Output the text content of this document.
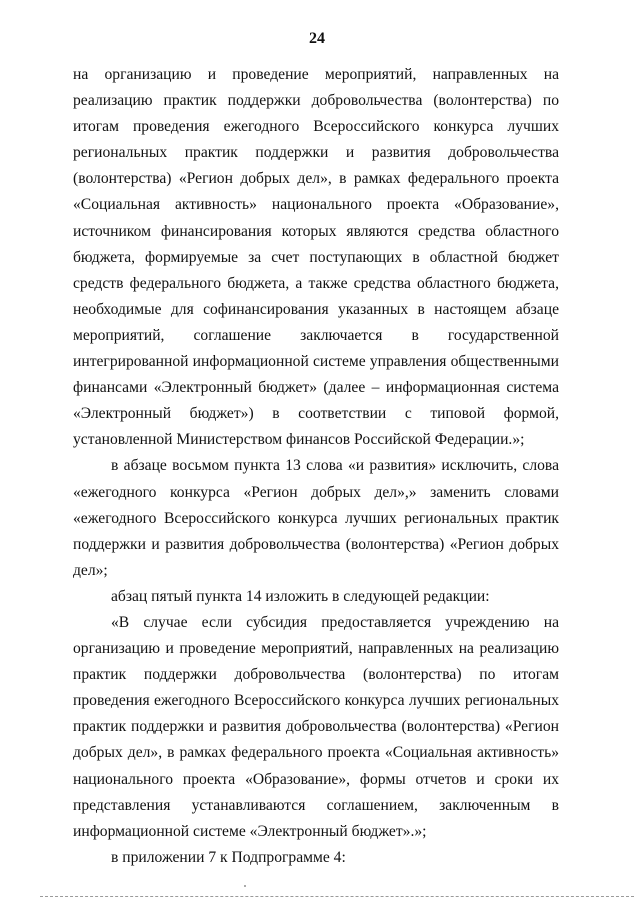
24

на организацию и проведение мероприятий, направленных на реализацию практик поддержки добровольчества (волонтерства) по итогам проведения ежегодного Всероссийского конкурса лучших региональных практик поддержки и развития добровольчества (волонтерства) «Регион добрых дел», в рамках федерального проекта «Социальная активность» национального проекта «Образование», источником финансирования которых являются средства областного бюджета, формируемые за счет поступающих в областной бюджет средств федерального бюджета, а также средства областного бюджета, необходимые для софинансирования указанных в настоящем абзаце мероприятий, соглашение заключается в государственной интегрированной информационной системе управления общественными финансами «Электронный бюджет» (далее – информационная система «Электронный бюджет») в соответствии с типовой формой, установленной Министерством финансов Российской Федерации.»;

в абзаце восьмом пункта 13 слова «и развития» исключить, слова «ежегодного конкурса «Регион добрых дел»,» заменить словами «ежегодного Всероссийского конкурса лучших региональных практик поддержки и развития добровольчества (волонтерства) «Регион добрых дел»;

абзац пятый пункта 14 изложить в следующей редакции:

«В случае если субсидия предоставляется учреждению на организацию и проведение мероприятий, направленных на реализацию практик поддержки добровольчества (волонтерства) по итогам проведения ежегодного Всероссийского конкурса лучших региональных практик поддержки и развития добровольчества (волонтерства) «Регион добрых дел», в рамках федерального проекта «Социальная активность» национального проекта «Образование», формы отчетов и сроки их представления устанавливаются соглашением, заключенным в информационной системе «Электронный бюджет».»;

в приложении 7 к Подпрограмме 4:
